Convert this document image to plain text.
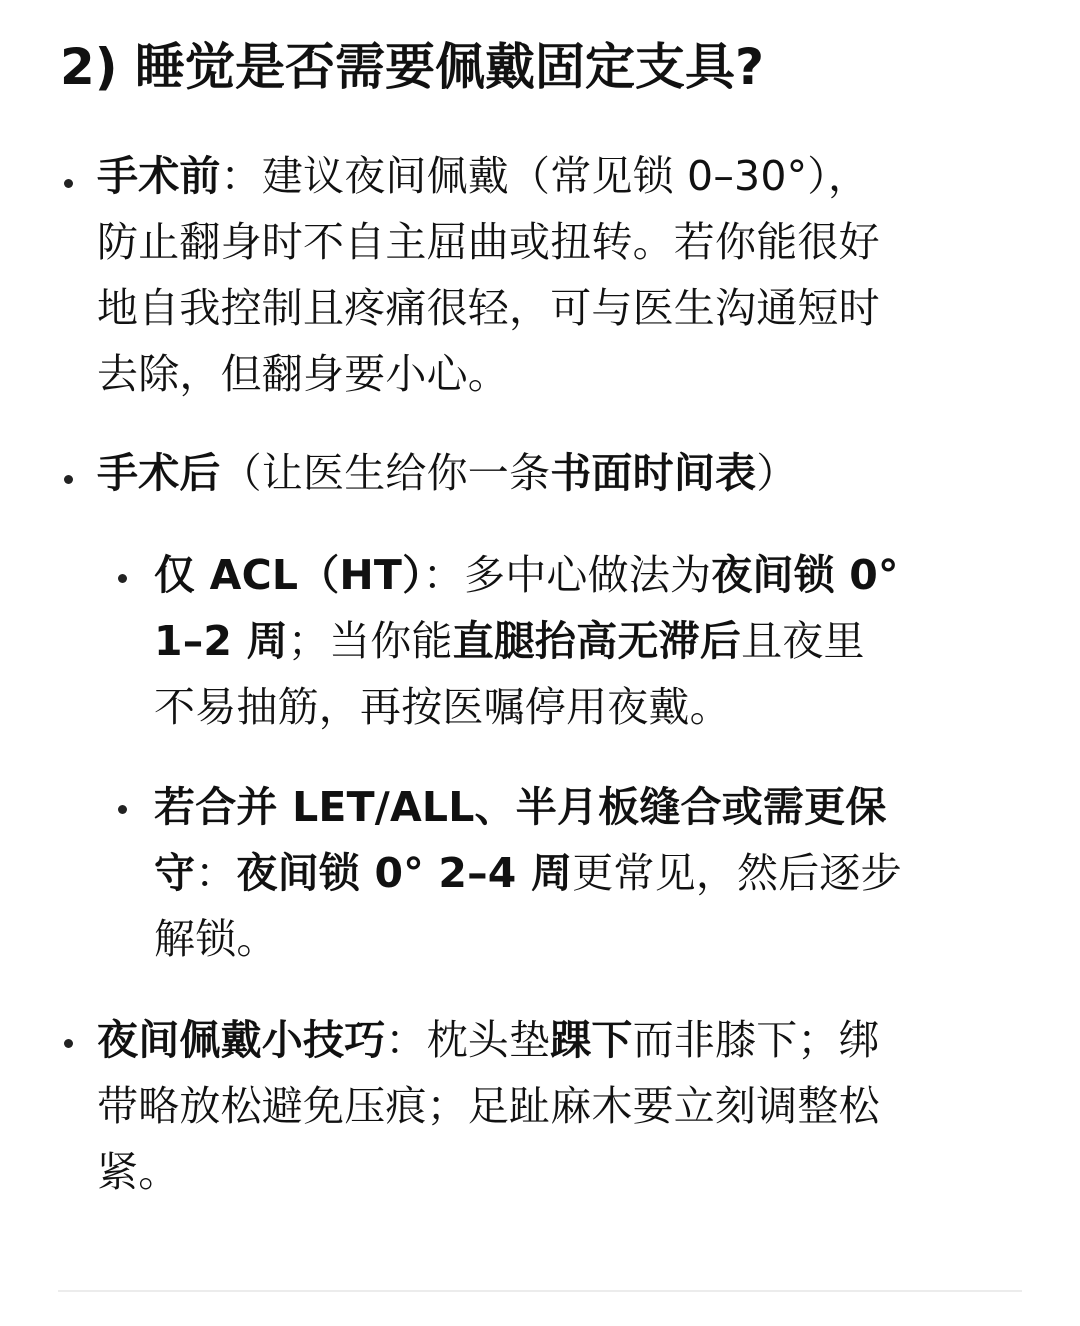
2) 睡觉是否需要佩戴固定支具?
手术前：建议夜间佩戴（常见锁 0–30°），
防止翻身时不自主屈曲或扭转。若你能很好
地自我控制且疼痛很轻，可与医生沟通短时
去除，但翻身要小心。
手术后（让医生给你一条书面时间表）
仅 ACL（HT）：多中心做法为夜间锁 0°
1–2 周；当你能直腿抬高无滞后且夜里
不易抽筋，再按医嘱停用夜戴。
若合并 LET/ALL、半月板缝合或需更保
守：夜间锁 0° 2–4 周更常见，然后逐步
解锁。
夜间佩戴小技巧：枕头垫踝下而非膝下；绑
带略放松避免压痕；足趾麻木要立刻调整松
紧。
